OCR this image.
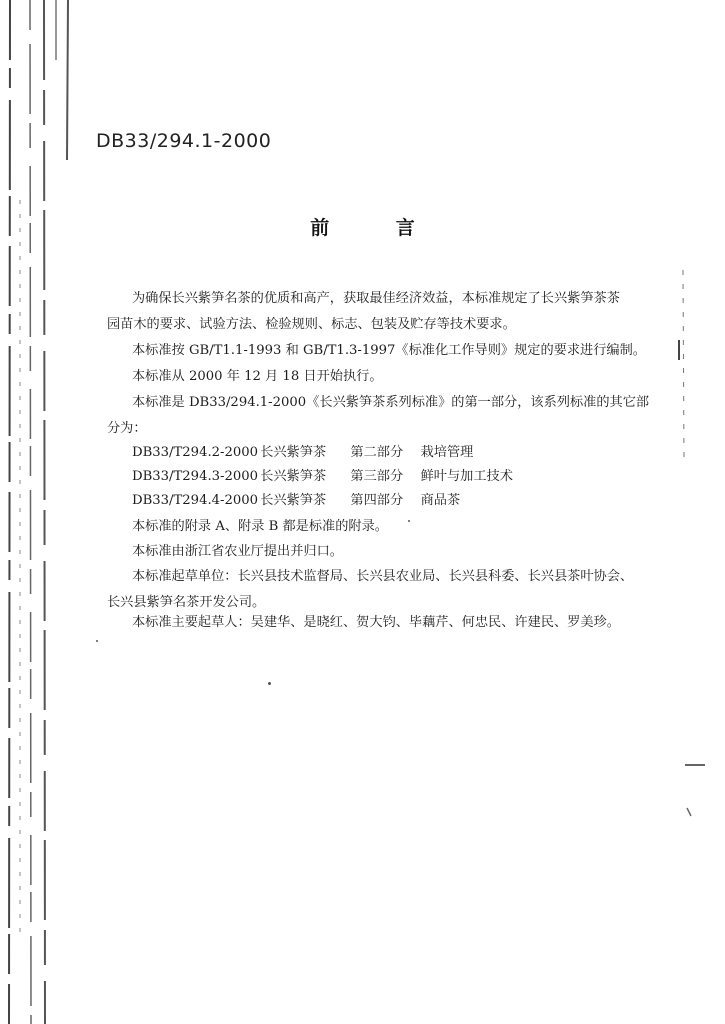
DB33/294.1-2000
前 言
为确保长兴紫笋名茶的优质和高产，获取最佳经济效益，本标准规定了长兴紫笋茶茶
园苗木的要求、试验方法、检验规则、标志、包装及贮存等技术要求。
本标准按 GB/T1.1-1993 和 GB/T1.3-1997《标准化工作导则》规定的要求进行编制。
本标准从 2000 年 12 月 18 日开始执行。
本标准是 DB33/294.1-2000《长兴紫笋茶系列标准》的第一部分，该系列标准的其它部
分为：
DB33/T294.2-2000 长兴紫笋茶 第二部分 栽培管理
DB33/T294.3-2000 长兴紫笋茶 第三部分 鲜叶与加工技术
DB33/T294.4-2000 长兴紫笋茶 第四部分 商品茶
本标准的附录 A、附录 B 都是标准的附录。
本标准由浙江省农业厅提出并归口。
本标准起草单位：长兴县技术监督局、长兴县农业局、长兴县科委、长兴县茶叶协会、
长兴县紫笋名茶开发公司。
本标准主要起草人：吴建华、是晓红、贺大钧、毕藕芹、何忠民、许建民、罗美珍。
